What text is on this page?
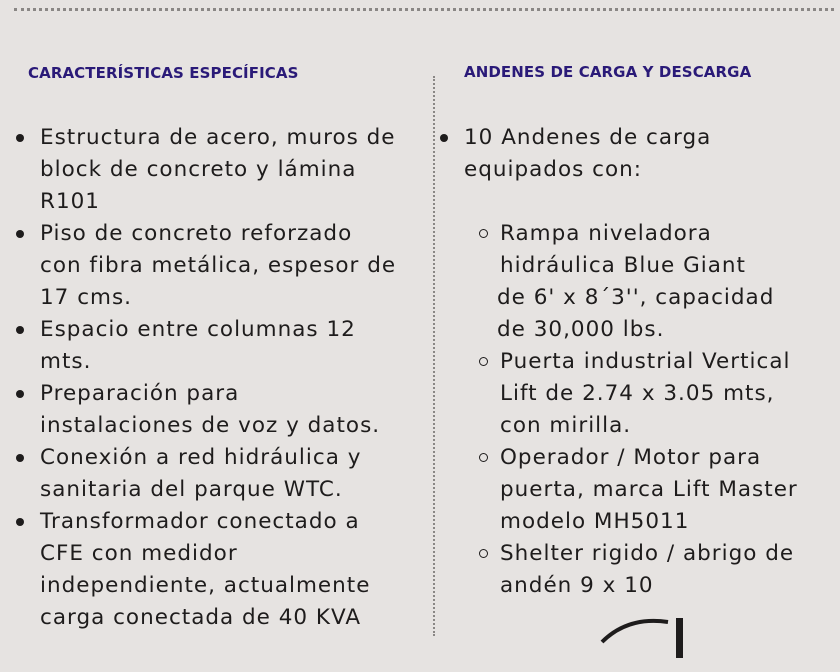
CARACTERÍSTICAS ESPECÍFICAS	ANDENES DE CARGA Y DESCARGA
Estructura de acero, muros de
block de concreto y lámina
R101
Piso de concreto reforzado
con fibra metálica, espesor de
17 cms.
Espacio entre columnas 12
mts.
Preparación para
instalaciones de voz y datos.
Conexión a red hidráulica y
sanitaria del parque WTC.
Transformador conectado a
CFE con medidor
independiente, actualmente
carga conectada de 40 KVA
10 Andenes de carga
equipados con:
Rampa niveladora
hidráulica Blue Giant
de 6' x 8´3'', capacidad
de 30,000 lbs.
Puerta industrial Vertical
Lift de 2.74 x 3.05 mts,
con mirilla.
Operador / Motor para
puerta, marca Lift Master
modelo MH5011
Shelter rigido / abrigo de
andén 9 x 10
